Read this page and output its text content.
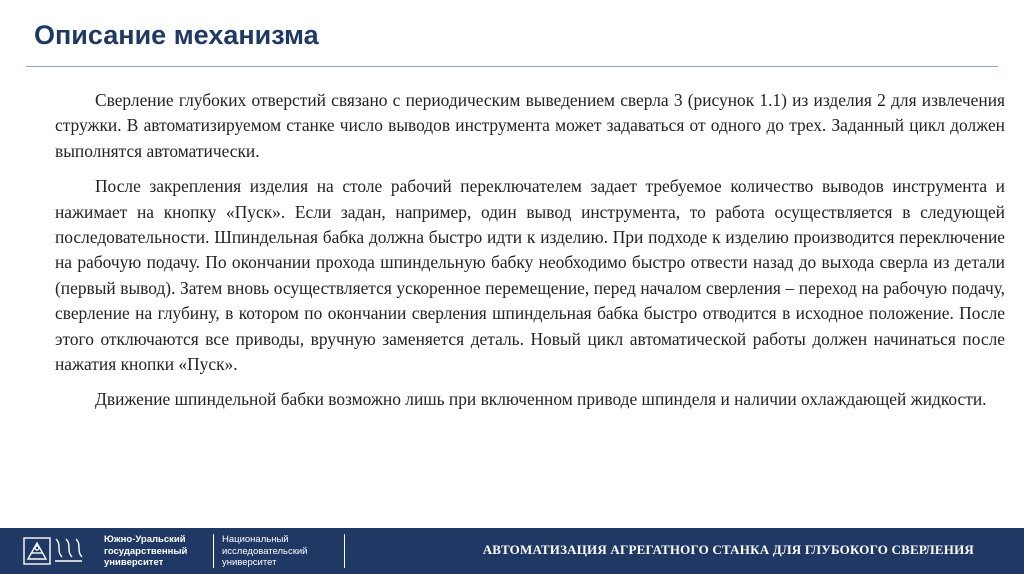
Описание механизма

Сверление глубоких отверстий связано с периодическим выведением сверла 3 (рисунок 1.1) из изделия 2 для извлечения стружки. В автоматизируемом станке число выводов инструмента может задаваться от одного до трех. Заданный цикл должен выполнятся автоматически.

После закрепления изделия на столе рабочий переключателем задает требуемое количество выводов инструмента и нажимает на кнопку «Пуск». Если задан, например, один вывод инструмента, то работа осуществляется в следующей последовательности. Шпиндельная бабка должна быстро идти к изделию. При подходе к изделию производится переключение на рабочую подачу. По окончании прохода шпиндельную бабку необходимо быстро отвести назад до выхода сверла из детали (первый вывод). Затем вновь осуществляется ускоренное перемещение, перед началом сверления – переход на рабочую подачу, сверление на глубину, в котором по окончании сверления шпиндельная бабка быстро отводится в исходное положение. После этого отключаются все приводы, вручную заменяется деталь. Новый цикл автоматической работы должен начинаться после нажатия кнопки «Пуск».

Движение шпиндельной бабки возможно лишь при включенном приводе шпинделя и наличии охлаждающей жидкости.

Южно-Уральский
государственный
университет
Национальный
исследовательский
университет
АВТОМАТИЗАЦИЯ АГРЕГАТНОГО СТАНКА ДЛЯ ГЛУБОКОГО СВЕРЛЕНИЯ
